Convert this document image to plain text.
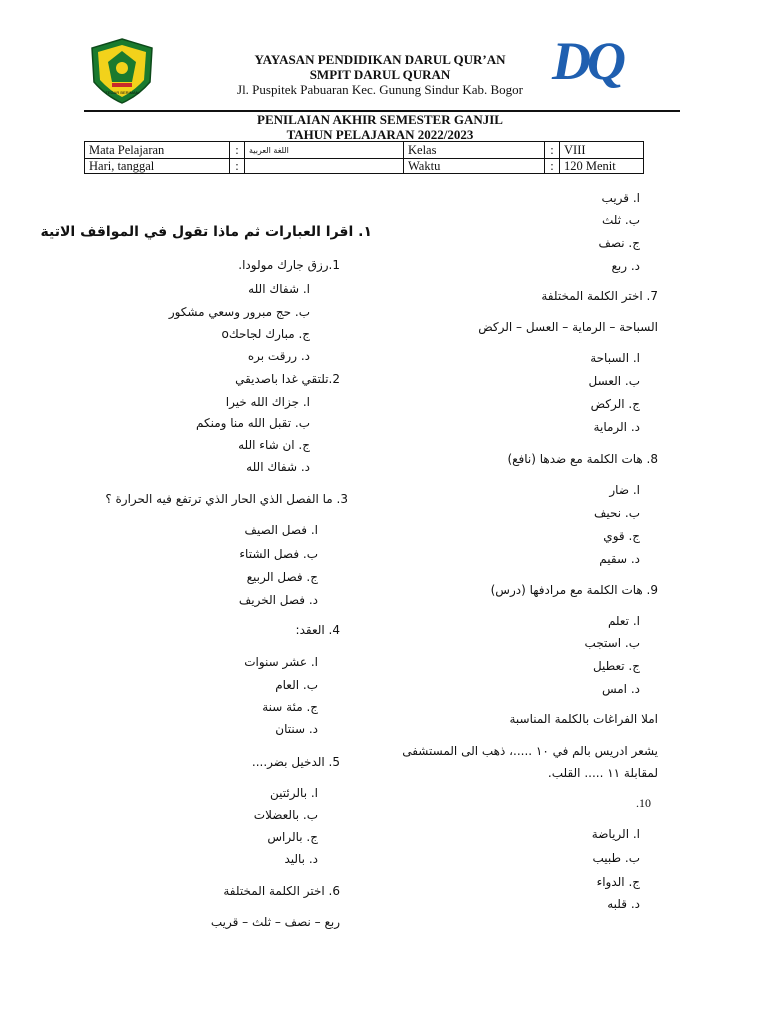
TEGAR BERIMAN
YAYASAN PENDIDIKAN DARUL QUR’AN
SMPIT DARUL QURAN
Jl. Puspitek Pabuaran Kec. Gunung Sindur Kab. Bogor DQ
PENILAIAN AKHIR SEMESTER GANJIL
TAHUN PELAJARAN 2022/2023
Mata Pelajaran	:	اللغة العربية	Kelas	:	VIII
Hari, tanggal	:		Waktu	:	120 Menit
١. اقرا العبارات ثم ماذا تقول في المواقف الاتية
1.رزق جارك مولودا.
ا. شفاك الله
ب. حج مبرور وسعي مشكور
ج. مبارك لجاحكo
د. ررقت بره
2.تلتقي غدا باصديقي
ا. جزاك الله خيرا
ب. تقبل الله منا ومنكم
ج. ان شاء الله
د. شفاك الله
3. ما الفصل الذي الحار الذي ترتفع فيه الحرارة ؟
ا. فصل الصيف
ب. فصل الشتاء
ج. فصل الربيع
د. فصل الخريف
4. العقد:
ا. عشر سنوات
ب. العام
ج. مئة سنة
د. سنتان
5. الدخيل بضر....
ا. بالرئتين
ب. بالعضلات
ج. بالراس
د. باليد
6. اختر الكلمة المختلفة
ربع – نصف – ثلث – قريب
ا. قريب
ب. ثلث
ج. نصف
د. ربع
7. اختر الكلمة المختلفة
السباحة – الرماية – العسل – الركض
ا. السباحة
ب. العسل
ج. الركض
د. الرماية
8. هات الكلمة مع ضدها (نافع)
ا. ضار
ب. نحيف
ج. قوي
د. سقيم
9. هات الكلمة مع مرادفها (درس)
ا. تعلم
ب. استجب
ج. تعطيل
د. امس
املا الفراغات بالكلمة المناسبة
يشعر ادريس بالم في ١٠ .....، ذهب الى المستشفى
لمقابلة ١١ ..... القلب.
.10
ا. الرياضة
ب. طبيب
ج. الدواء
د. قلبه
